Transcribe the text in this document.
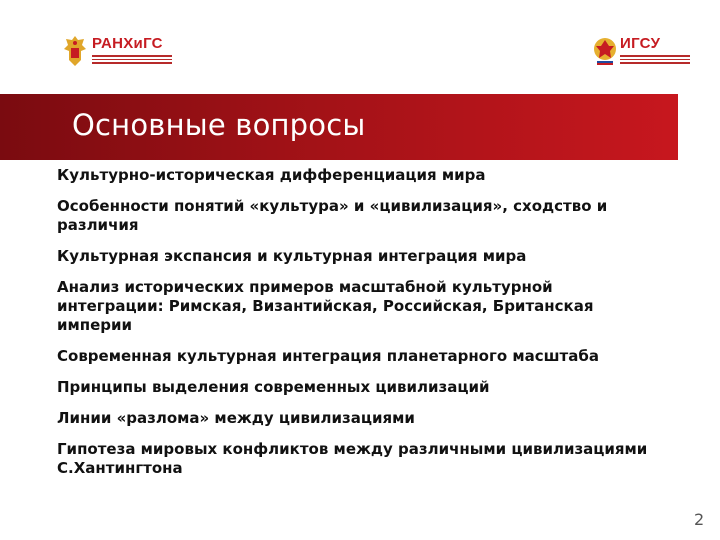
РАНХиГС	ИГСУ
Основные вопросы
Культурно-историческая дифференциация мира
Особенности понятий «культура» и «цивилизация», сходство и различия
Культурная экспансия и культурная интеграция мира
Анализ исторических примеров масштабной культурной интеграции: Римская, Византийская, Российская, Британская империи
Современная культурная интеграция планетарного масштаба
Принципы выделения современных цивилизаций
Линии «разлома» между цивилизациями
Гипотеза мировых конфликтов между различными цивилизациями С.Хантингтона
2
